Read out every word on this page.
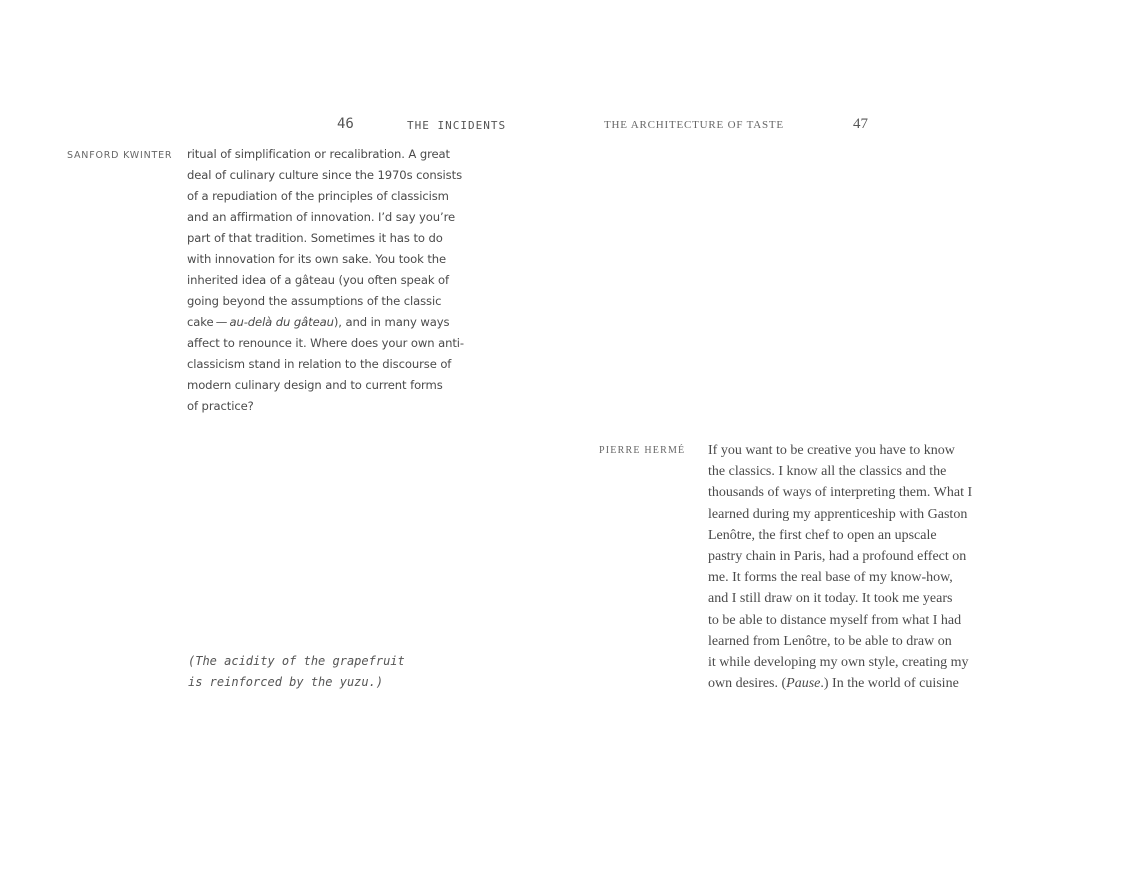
46	THE INCIDENTS
SANFORD KWINTER ritual of simplification or recalibration. A great
deal of culinary culture since the 1970s consists
of a repudiation of the principles of classicism
and an affirmation of innovation. I’d say you’re
part of that tradition. Sometimes it has to do
with innovation for its own sake. You took the
inherited idea of a gâteau (you often speak of
going beyond the assumptions of the classic
cake — au-delà du gâteau), and in many ways
affect to renounce it. Where does your own anti-
classicism stand in relation to the discourse of
modern culinary design and to current forms
of practice?
(The acidity of the grapefruit
is reinforced by the yuzu.)
THE ARCHITECTURE OF TASTE	47
PIERRE HERMÉ If you want to be creative you have to know
the classics. I know all the classics and the
thousands of ways of interpreting them. What I
learned during my apprenticeship with Gaston
Lenôtre, the first chef to open an upscale
pastry chain in Paris, had a profound effect on
me. It forms the real base of my know-how,
and I still draw on it today. It took me years
to be able to distance myself from what I had
learned from Lenôtre, to be able to draw on
it while developing my own style, creating my
own desires. (Pause.) In the world of cuisine
